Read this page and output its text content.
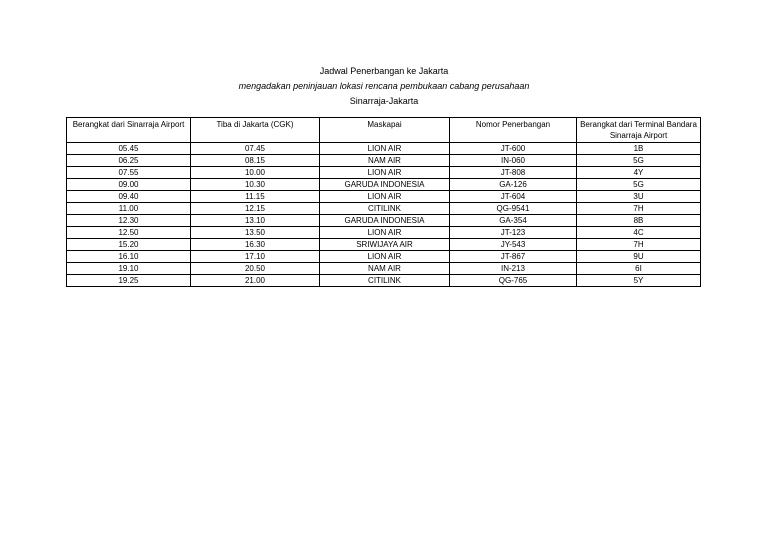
Jadwal Penerbangan ke Jakarta
mengadakan peninjauan lokasi rencana pembukaan cabang perusahaan
Sinarraja-Jakarta
Berangkat dari Sinarraja Airport	Tiba di Jakarta (CGK)	Maskapai	Nomor Penerbangan	Berangkat dari Terminal Bandara Sinarraja Airport
05.45	07.45	LION AIR	JT-600	1B
06.25	08.15	NAM AIR	IN-060	5G
07.55	10.00	LION AIR	JT-808	4Y
09.00	10.30	GARUDA INDONESIA	GA-126	5G
09.40	11.15	LION AIR	JT-604	3U
11.00	12.15	CITILINK	QG-9541	7H
12.30	13.10	GARUDA INDONESIA	GA-354	8B
12.50	13.50	LION AIR	JT-123	4C
15.20	16.30	SRIWIJAYA AIR	JY-543	7H
16.10	17.10	LION AIR	JT-867	9U
19.10	20.50	NAM AIR	IN-213	6I
19.25	21.00	CITILINK	QG-765	5Y
